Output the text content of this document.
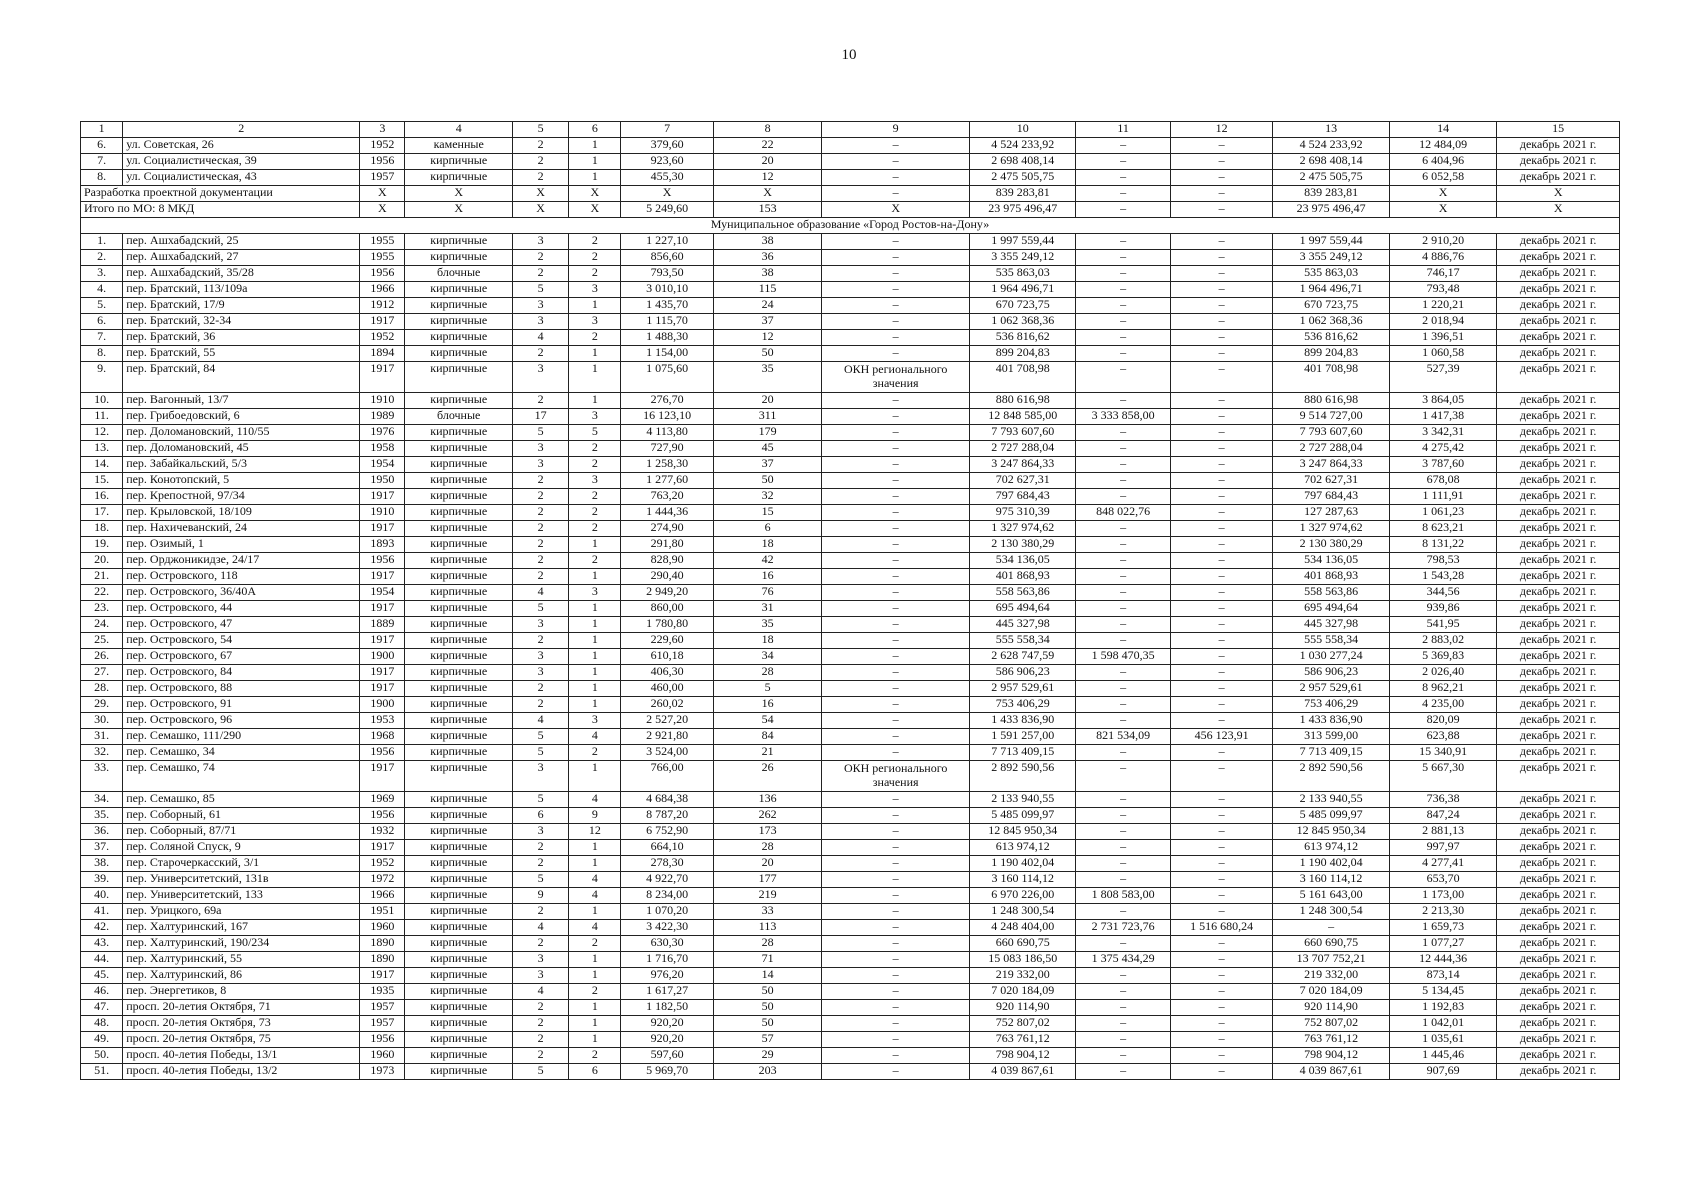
10
1	2	3	4	5	6	7	8	9	10	11	12	13	14	15
6.	ул. Советская, 26	1952	каменные	2	1	379,60	22	–	4 524 233,92	–	–	4 524 233,92	12 484,09	декабрь 2021 г.
7.	ул. Социалистическая, 39	1956	кирпичные	2	1	923,60	20	–	2 698 408,14	–	–	2 698 408,14	6 404,96	декабрь 2021 г.
8.	ул. Социалистическая, 43	1957	кирпичные	2	1	455,30	12	–	2 475 505,75	–	–	2 475 505,75	6 052,58	декабрь 2021 г.
Разработка проектной документации		X	X	X	X	X	X	–	839 283,81	–	–	839 283,81	X	X
Итого по МО: 8 МКД		X	X	X	X	5 249,60	153	X	23 975 496,47	–	–	23 975 496,47	X	X
Муниципальное образование «Город Ростов-на-Дону»														
1.	пер. Ашхабадский, 25	1955	кирпичные	3	2	1 227,10	38	–	1 997 559,44	–	–	1 997 559,44	2 910,20	декабрь 2021 г.
2.	пер. Ашхабадский, 27	1955	кирпичные	2	2	856,60	36	–	3 355 249,12	–	–	3 355 249,12	4 886,76	декабрь 2021 г.
3.	пер. Ашхабадский, 35/28	1956	блочные	2	2	793,50	38	–	535 863,03	–	–	535 863,03	746,17	декабрь 2021 г.
4.	пер. Братский, 113/109а	1966	кирпичные	5	3	3 010,10	115	–	1 964 496,71	–	–	1 964 496,71	793,48	декабрь 2021 г.
5.	пер. Братский, 17/9	1912	кирпичные	3	1	1 435,70	24	–	670 723,75	–	–	670 723,75	1 220,21	декабрь 2021 г.
6.	пер. Братский, 32-34	1917	кирпичные	3	3	1 115,70	37	–	1 062 368,36	–	–	1 062 368,36	2 018,94	декабрь 2021 г.
7.	пер. Братский, 36	1952	кирпичные	4	2	1 488,30	12	–	536 816,62	–	–	536 816,62	1 396,51	декабрь 2021 г.
8.	пер. Братский, 55	1894	кирпичные	2	1	1 154,00	50	–	899 204,83	–	–	899 204,83	1 060,58	декабрь 2021 г.
9.	пер. Братский, 84	1917	кирпичные	3	1	1 075,60	35	ОКН регионального значения	401 708,98	–	–	401 708,98	527,39	декабрь 2021 г.
10.	пер. Вагонный, 13/7	1910	кирпичные	2	1	276,70	20	–	880 616,98	–	–	880 616,98	3 864,05	декабрь 2021 г.
11.	пер. Грибоедовский, 6	1989	блочные	17	3	16 123,10	311	–	12 848 585,00	3 333 858,00	–	9 514 727,00	1 417,38	декабрь 2021 г.
12.	пер. Доломановский, 110/55	1976	кирпичные	5	5	4 113,80	179	–	7 793 607,60	–	–	7 793 607,60	3 342,31	декабрь 2021 г.
13.	пер. Доломановский, 45	1958	кирпичные	3	2	727,90	45	–	2 727 288,04	–	–	2 727 288,04	4 275,42	декабрь 2021 г.
14.	пер. Забайкальский, 5/3	1954	кирпичные	3	2	1 258,30	37	–	3 247 864,33	–	–	3 247 864,33	3 787,60	декабрь 2021 г.
15.	пер. Конотопский, 5	1950	кирпичные	2	3	1 277,60	50	–	702 627,31	–	–	702 627,31	678,08	декабрь 2021 г.
16.	пер. Крепостной, 97/34	1917	кирпичные	2	2	763,20	32	–	797 684,43	–	–	797 684,43	1 111,91	декабрь 2021 г.
17.	пер. Крыловской, 18/109	1910	кирпичные	2	2	1 444,36	15	–	975 310,39	848 022,76	–	127 287,63	1 061,23	декабрь 2021 г.
18.	пер. Нахичеванский, 24	1917	кирпичные	2	2	274,90	6	–	1 327 974,62	–	–	1 327 974,62	8 623,21	декабрь 2021 г.
19.	пер. Озимый, 1	1893	кирпичные	2	1	291,80	18	–	2 130 380,29	–	–	2 130 380,29	8 131,22	декабрь 2021 г.
20.	пер. Орджоникидзе, 24/17	1956	кирпичные	2	2	828,90	42	–	534 136,05	–	–	534 136,05	798,53	декабрь 2021 г.
21.	пер. Островского, 118	1917	кирпичные	2	1	290,40	16	–	401 868,93	–	–	401 868,93	1 543,28	декабрь 2021 г.
22.	пер. Островского, 36/40А	1954	кирпичные	4	3	2 949,20	76	–	558 563,86	–	–	558 563,86	344,56	декабрь 2021 г.
23.	пер. Островского, 44	1917	кирпичные	5	1	860,00	31	–	695 494,64	–	–	695 494,64	939,86	декабрь 2021 г.
24.	пер. Островского, 47	1889	кирпичные	3	1	1 780,80	35	–	445 327,98	–	–	445 327,98	541,95	декабрь 2021 г.
25.	пер. Островского, 54	1917	кирпичные	2	1	229,60	18	–	555 558,34	–	–	555 558,34	2 883,02	декабрь 2021 г.
26.	пер. Островского, 67	1900	кирпичные	3	1	610,18	34	–	2 628 747,59	1 598 470,35	–	1 030 277,24	5 369,83	декабрь 2021 г.
27.	пер. Островского, 84	1917	кирпичные	3	1	406,30	28	–	586 906,23	–	–	586 906,23	2 026,40	декабрь 2021 г.
28.	пер. Островского, 88	1917	кирпичные	2	1	460,00	5	–	2 957 529,61	–	–	2 957 529,61	8 962,21	декабрь 2021 г.
29.	пер. Островского, 91	1900	кирпичные	2	1	260,02	16	–	753 406,29	–	–	753 406,29	4 235,00	декабрь 2021 г.
30.	пер. Островского, 96	1953	кирпичные	4	3	2 527,20	54	–	1 433 836,90	–	–	1 433 836,90	820,09	декабрь 2021 г.
31.	пер. Семашко, 111/290	1968	кирпичные	5	4	2 921,80	84	–	1 591 257,00	821 534,09	456 123,91	313 599,00	623,88	декабрь 2021 г.
32.	пер. Семашко, 34	1956	кирпичные	5	2	3 524,00	21	–	7 713 409,15	–	–	7 713 409,15	15 340,91	декабрь 2021 г.
33.	пер. Семашко, 74	1917	кирпичные	3	1	766,00	26	ОКН регионального значения	2 892 590,56	–	–	2 892 590,56	5 667,30	декабрь 2021 г.
34.	пер. Семашко, 85	1969	кирпичные	5	4	4 684,38	136	–	2 133 940,55	–	–	2 133 940,55	736,38	декабрь 2021 г.
35.	пер. Соборный, 61	1956	кирпичные	6	9	8 787,20	262	–	5 485 099,97	–	–	5 485 099,97	847,24	декабрь 2021 г.
36.	пер. Соборный, 87/71	1932	кирпичные	3	12	6 752,90	173	–	12 845 950,34	–	–	12 845 950,34	2 881,13	декабрь 2021 г.
37.	пер. Соляной Спуск, 9	1917	кирпичные	2	1	664,10	28	–	613 974,12	–	–	613 974,12	997,97	декабрь 2021 г.
38.	пер. Старочеркасский, 3/1	1952	кирпичные	2	1	278,30	20	–	1 190 402,04	–	–	1 190 402,04	4 277,41	декабрь 2021 г.
39.	пер. Университетский, 131в	1972	кирпичные	5	4	4 922,70	177	–	3 160 114,12	–	–	3 160 114,12	653,70	декабрь 2021 г.
40.	пер. Университетский, 133	1966	кирпичные	9	4	8 234,00	219	–	6 970 226,00	1 808 583,00	–	5 161 643,00	1 173,00	декабрь 2021 г.
41.	пер. Урицкого, 69а	1951	кирпичные	2	1	1 070,20	33	–	1 248 300,54	–	–	1 248 300,54	2 213,30	декабрь 2021 г.
42.	пер. Халтуринский, 167	1960	кирпичные	4	4	3 422,30	113	–	4 248 404,00	2 731 723,76	1 516 680,24	–	1 659,73	декабрь 2021 г.
43.	пер. Халтуринский, 190/234	1890	кирпичные	2	2	630,30	28	–	660 690,75	–	–	660 690,75	1 077,27	декабрь 2021 г.
44.	пер. Халтуринский, 55	1890	кирпичные	3	1	1 716,70	71	–	15 083 186,50	1 375 434,29	–	13 707 752,21	12 444,36	декабрь 2021 г.
45.	пер. Халтуринский, 86	1917	кирпичные	3	1	976,20	14	–	219 332,00	–	–	219 332,00	873,14	декабрь 2021 г.
46.	пер. Энергетиков, 8	1935	кирпичные	4	2	1 617,27	50	–	7 020 184,09	–	–	7 020 184,09	5 134,45	декабрь 2021 г.
47.	просп. 20-летия Октября, 71	1957	кирпичные	2	1	1 182,50	50	–	920 114,90	–	–	920 114,90	1 192,83	декабрь 2021 г.
48.	просп. 20-летия Октября, 73	1957	кирпичные	2	1	920,20	50	–	752 807,02	–	–	752 807,02	1 042,01	декабрь 2021 г.
49.	просп. 20-летия Октября, 75	1956	кирпичные	2	1	920,20	57	–	763 761,12	–	–	763 761,12	1 035,61	декабрь 2021 г.
50.	просп. 40-летия Победы, 13/1	1960	кирпичные	2	2	597,60	29	–	798 904,12	–	–	798 904,12	1 445,46	декабрь 2021 г.
51.	просп. 40-летия Победы, 13/2	1973	кирпичные	5	6	5 969,70	203	–	4 039 867,61	–	–	4 039 867,61	907,69	декабрь 2021 г.
